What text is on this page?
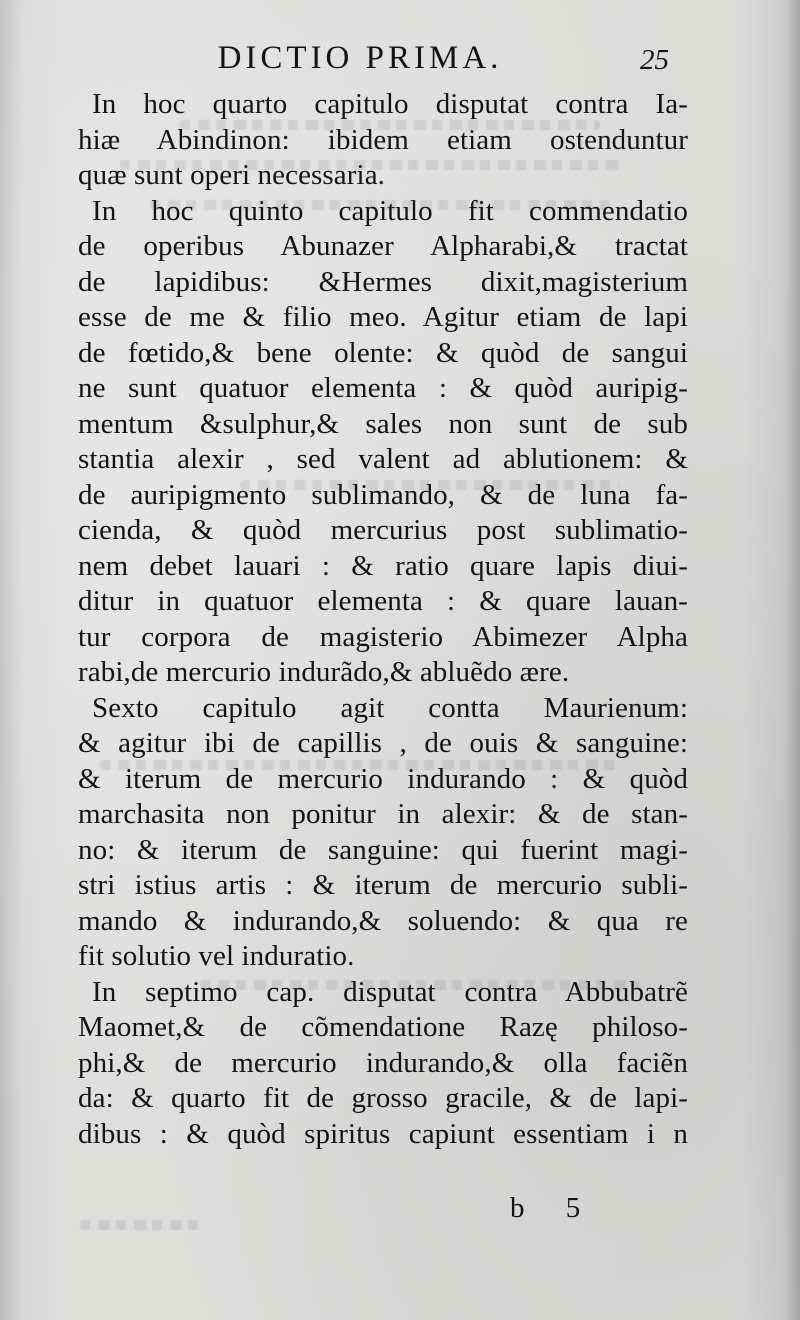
DICTIO PRIMA.	25
In hoc quarto capitulo disputat contra Ia-
hiæ Abindinon: ibidem etiam ostenduntur
quæ sunt operi necessaria.
In hoc quinto capitulo fit commendatio
de operibus Abunazer Alpharabi,& tractat
de lapidibus: &Hermes dixit,magisterium
esse de me & filio meo. Agitur etiam de lapi
de fœtido,& bene olente: & quòd de sangui
ne sunt quatuor elementa : & quòd auripig-
mentum &sulphur,& sales non sunt de sub
stantia alexir , sed valent ad ablutionem: &
de auripigmento sublimando, & de luna fa-
cienda, & quòd mercurius post sublimatio-
nem debet lauari : & ratio quare lapis diui-
ditur in quatuor elementa : & quare lauan-
tur corpora de magisterio Abimezer Alpha
rabi,de mercurio indurãdo,& abluẽdo ære.
Sexto capitulo agit contta Maurienum:
& agitur ibi de capillis , de ouis & sanguine:
& iterum de mercurio indurando : & quòd
marchasita non ponitur in alexir: & de stan-
no: & iterum de sanguine: qui fuerint magi-
stri istius artis : & iterum de mercurio subli-
mando & indurando,& soluendo: & qua re
fit solutio vel induratio.
In septimo cap. disputat contra Abbubatrẽ
Maomet,& de cõmendatione Razę philoso-
phi,& de mercurio indurando,& olla faciẽn
da: & quarto fit de grosso gracile, & de lapi-
dibus : & quòd spiritus capiunt essentiam i n
b 5
